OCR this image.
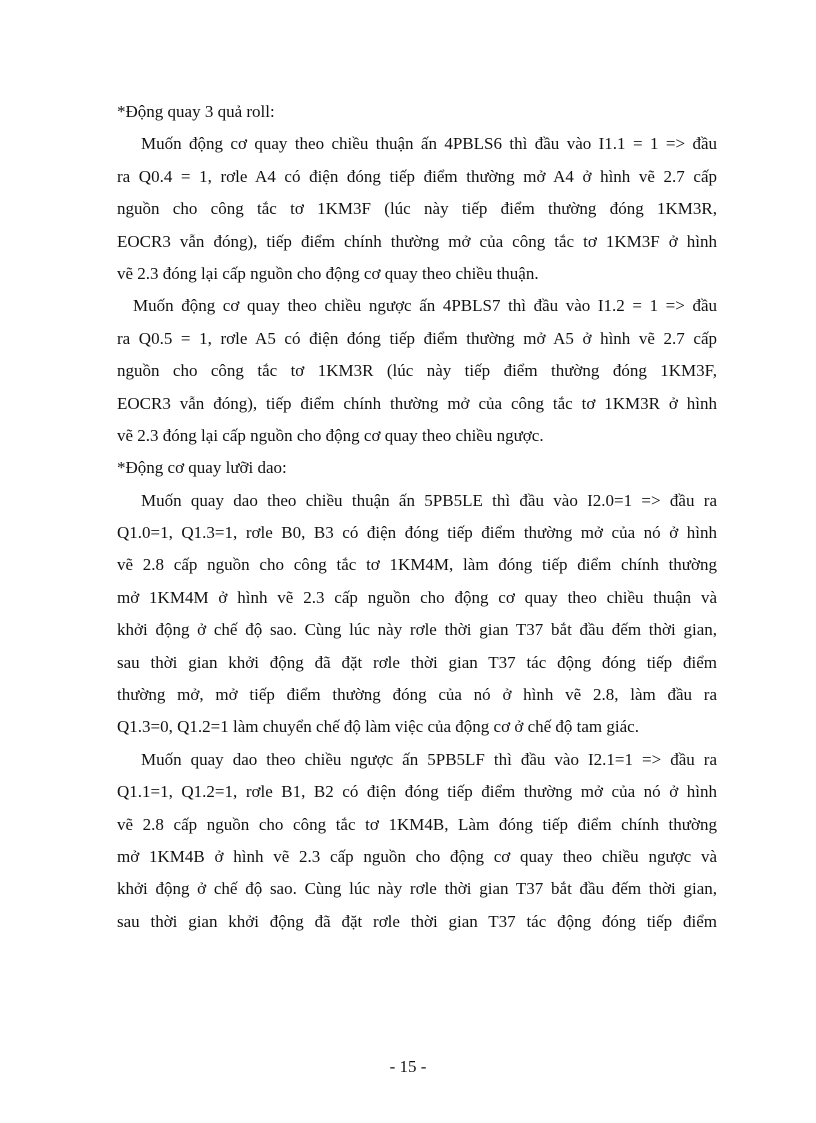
*Động quay 3 quả roll:
Muốn động cơ quay theo chiều thuận ấn 4PBLS6 thì đầu vào I1.1 = 1 => đầu
ra Q0.4 = 1, rơle A4 có điện đóng tiếp điểm thường mở A4 ở hình vẽ 2.7 cấp
nguồn cho công tắc tơ 1KM3F (lúc này tiếp điểm thường đóng 1KM3R,
EOCR3 vẫn đóng), tiếp điểm chính thường mở của công tắc tơ 1KM3F ở hình
vẽ 2.3 đóng lại cấp nguồn cho động cơ quay theo chiều thuận.
Muốn động cơ quay theo chiều ngược ấn 4PBLS7 thì đầu vào I1.2 = 1 => đầu
ra Q0.5 = 1, rơle A5 có điện đóng tiếp điểm thường mở A5 ở hình vẽ 2.7 cấp
nguồn cho công tắc tơ 1KM3R (lúc này tiếp điểm thường đóng 1KM3F,
EOCR3 vẫn đóng), tiếp điểm chính thường mở của công tắc tơ 1KM3R ở hình
vẽ 2.3 đóng lại cấp nguồn cho động cơ quay theo chiều ngược.
*Động cơ quay lưỡi dao:
Muốn quay dao theo chiều thuận ấn 5PB5LE thì đầu vào I2.0=1 => đầu ra
Q1.0=1, Q1.3=1, rơle B0, B3 có điện đóng tiếp điểm thường mở của nó ở hình
vẽ 2.8 cấp nguồn cho công tắc tơ 1KM4M, làm đóng tiếp điểm chính thường
mở 1KM4M ở hình vẽ 2.3 cấp nguồn cho động cơ quay theo chiều thuận và
khởi động ở chế độ sao. Cùng lúc này rơle thời gian T37 bắt đầu đếm thời gian,
sau thời gian khởi động đã đặt rơle thời gian T37 tác động đóng tiếp điểm
thường mở, mở tiếp điểm thường đóng của nó ở hình vẽ 2.8, làm đầu ra
Q1.3=0, Q1.2=1 làm chuyển chế độ làm việc của động cơ ở chế độ tam giác.
Muốn quay dao theo chiều ngược ấn 5PB5LF thì đầu vào I2.1=1 => đầu ra
Q1.1=1, Q1.2=1, rơle B1, B2 có điện đóng tiếp điểm thường mở của nó ở hình
vẽ 2.8 cấp nguồn cho công tắc tơ 1KM4B, Làm đóng tiếp điểm chính thường
mở 1KM4B ở hình vẽ 2.3 cấp nguồn cho động cơ quay theo chiều ngược và
khởi động ở chế độ sao. Cùng lúc này rơle thời gian T37 bắt đầu đếm thời gian,
sau thời gian khởi động đã đặt rơle thời gian T37 tác động đóng tiếp điểm
- 15 -
